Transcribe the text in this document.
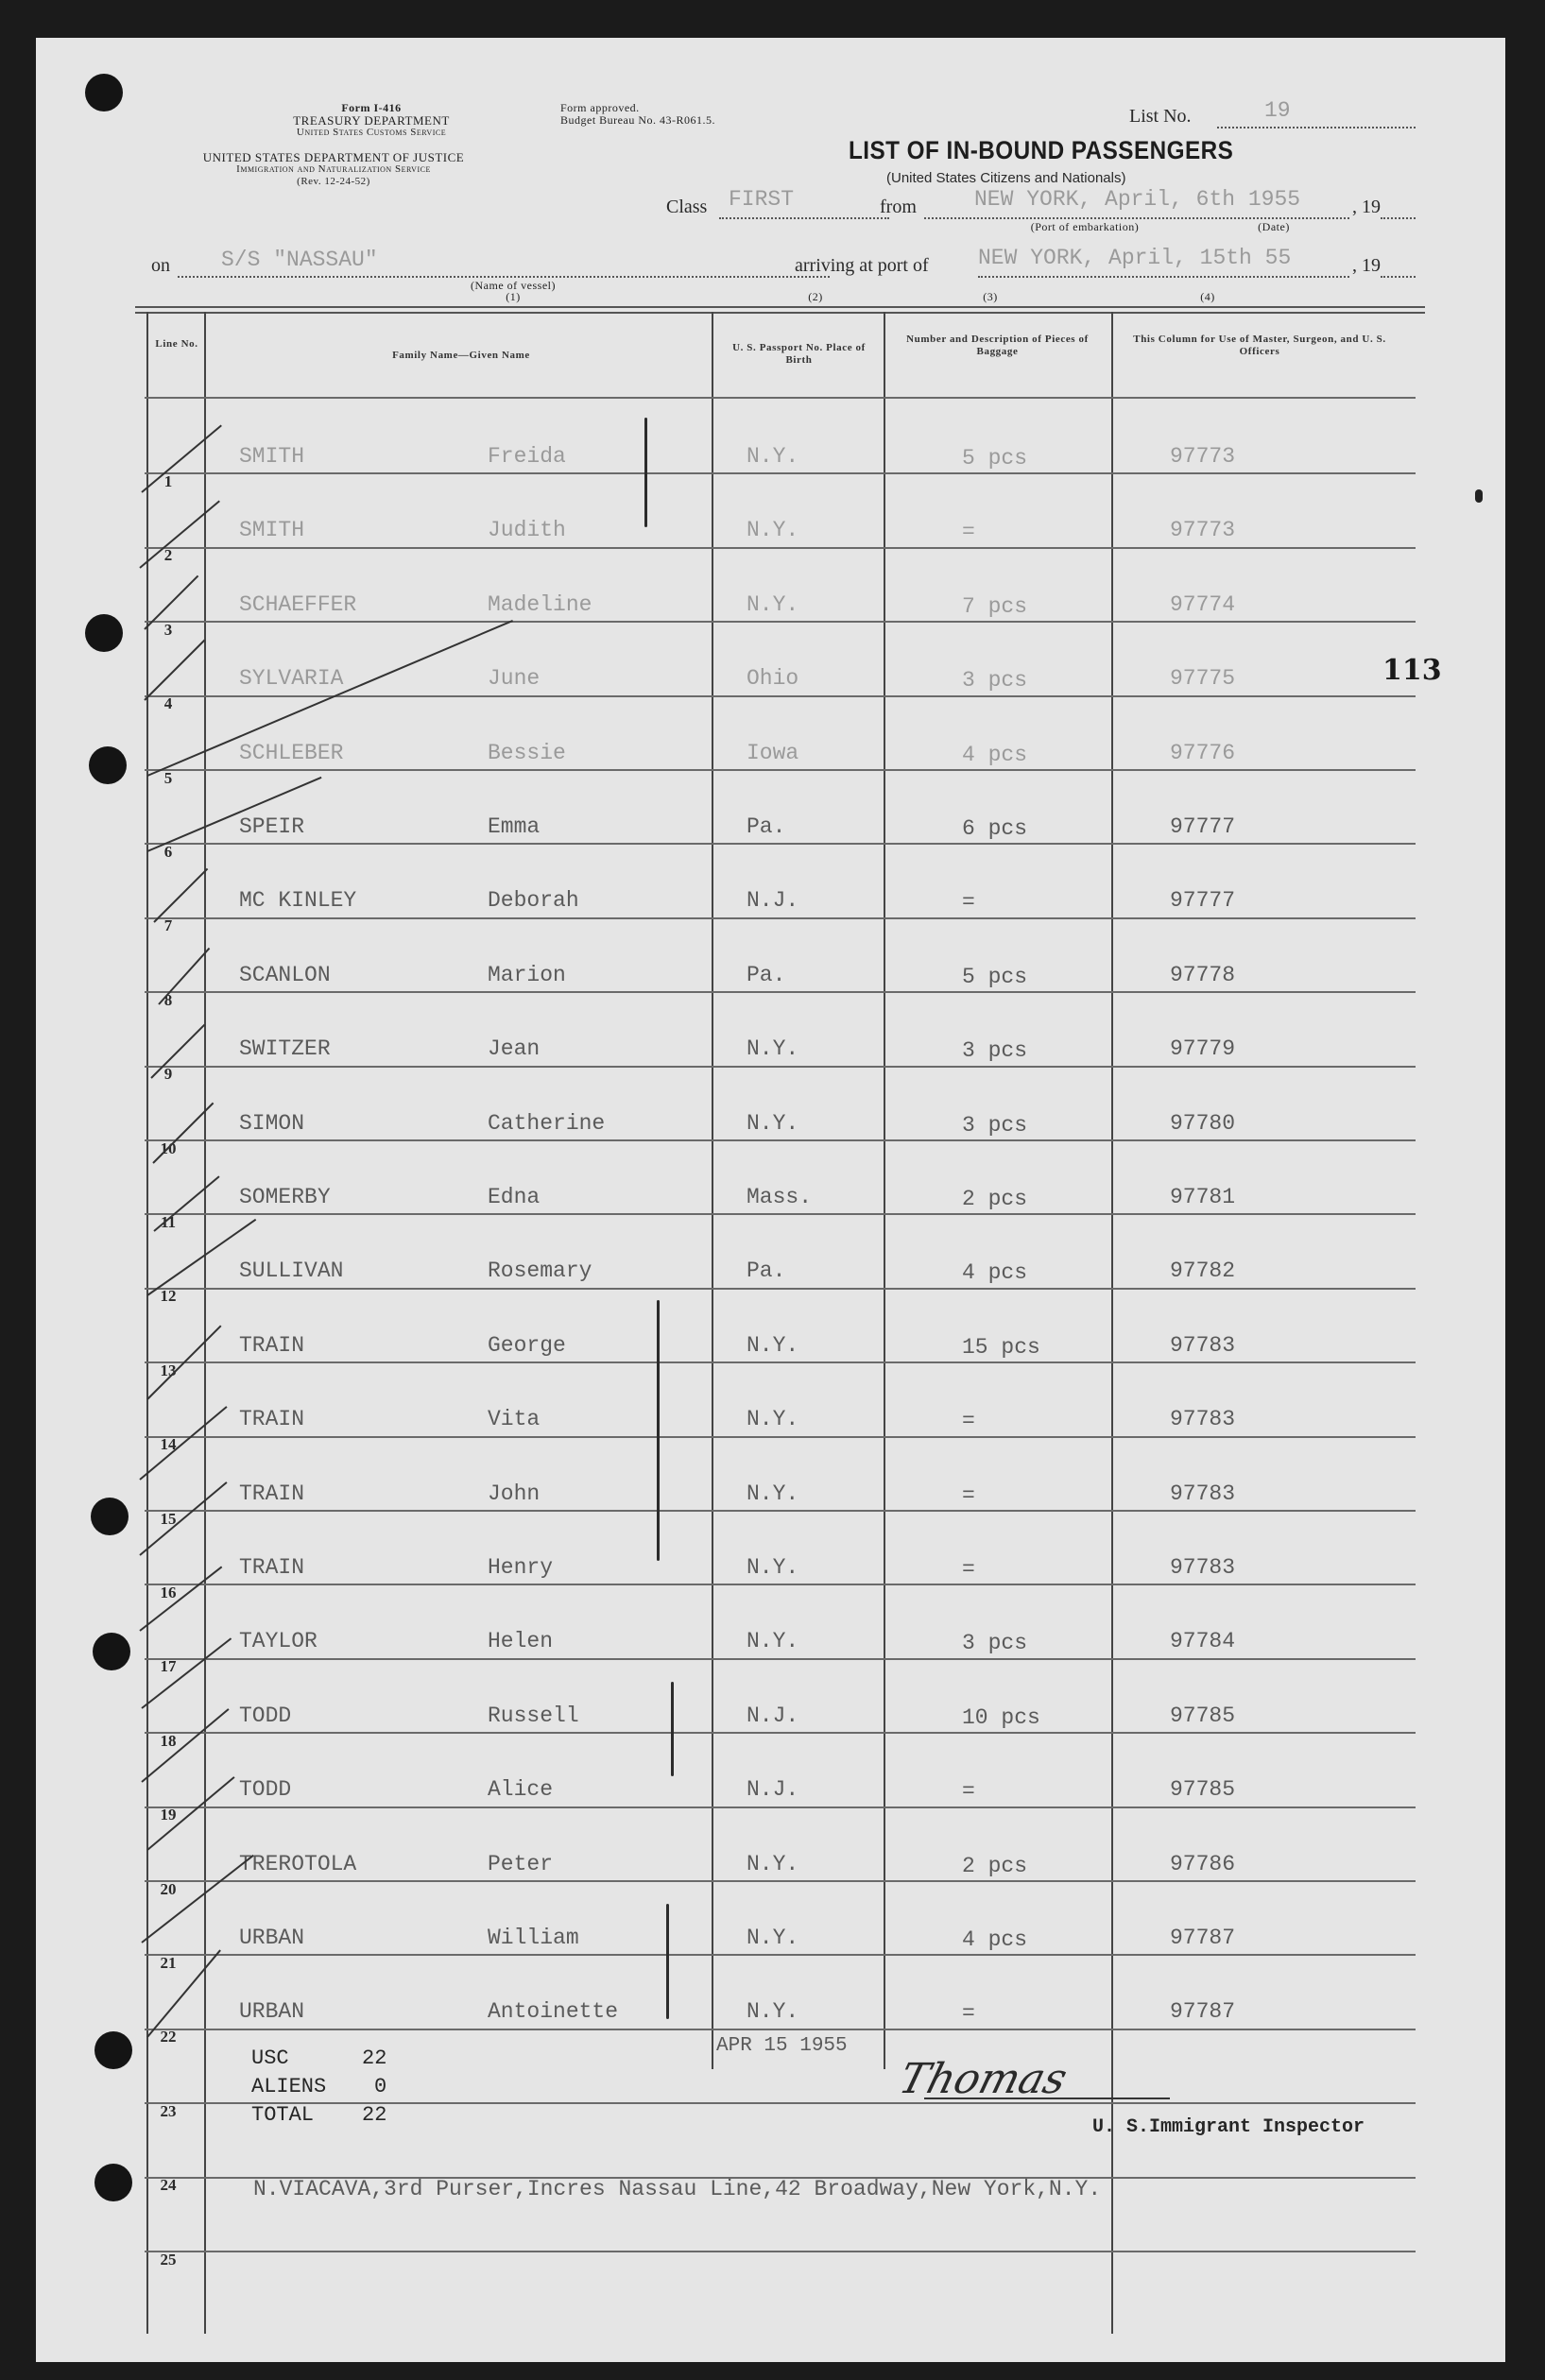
Form I-416
TREASURY DEPARTMENT
United States Customs Service
UNITED STATES DEPARTMENT OF JUSTICE
Immigration and Naturalization Service
(Rev. 12-24-52)
Form approved.
Budget Bureau No. 43-R061.5.	List No.	19
LIST OF IN-BOUND PASSENGERS
(United States Citizens and Nationals)
Class FIRST	from	NEW YORK, April, 6th 1955	, 19
(Port of embarkation)	(Date)
on S/S "NASSAU"
(Name of vessel)
(1)
arriving at port of NEW YORK, April, 15th 55	, 19
(2)	(3)	(4)
Line No.
Family Name—Given Name
U. S. Passport No. Place of Birth
Number and Description of Pieces of Baggage
This Column for Use of Master, Surgeon, and U. S. Officers
1
SMITH	Freida	N.Y.	5 pcs	97773
2
SMITH	Judith	N.Y.	=	97773
3
SCHAEFFER	Madeline	N.Y.	7 pcs	97774
4
SYLVARIA	June	Ohio	3 pcs	97775
5
SCHLEBER	Bessie	Iowa	4 pcs	97776
6
SPEIR	Emma	Pa.	6 pcs	97777
7
MC KINLEY	Deborah	N.J.	=	97777
8
SCANLON	Marion	Pa.	5 pcs	97778
9
SWITZER	Jean	N.Y.	3 pcs	97779
10
SIMON	Catherine	N.Y.	3 pcs	97780
11
SOMERBY	Edna	Mass.	2 pcs	97781
12
SULLIVAN	Rosemary	Pa.	4 pcs	97782
13
TRAIN	George	N.Y.	15 pcs	97783
14
TRAIN	Vita	N.Y.	=	97783
15
TRAIN	John	N.Y.	=	97783
16
TRAIN	Henry	N.Y.	=	97783
17
TAYLOR	Helen	N.Y.	3 pcs	97784
18
TODD	Russell	N.J.	10 pcs	97785
19
TODD	Alice	N.J.	=	97785
20
TREROTOLA	Peter	N.Y.	2 pcs	97786
21
URBAN	William	N.Y.	4 pcs	97787
22
URBAN	Antoinette	N.Y.	=	97787
23
24
25
USC	22
ALIENS 0
TOTAL 22
APR 15 1955
Thomas
U. S.Immigrant Inspector
N.VIACAVA,3rd Purser,Incres Nassau Line,42 Broadway,New York,N.Y.
113
